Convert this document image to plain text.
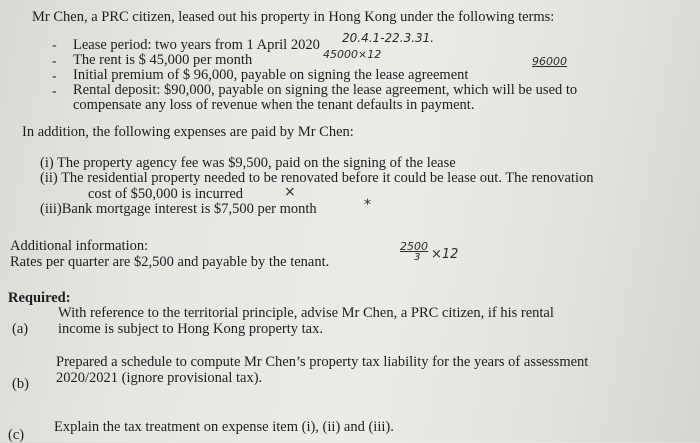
Mr Chen, a PRC citizen, leased out his property in Hong Kong under the following terms:
- Lease period: two years from 1 April 2020 20.4.1-22.3.31.
- The rent is $ 45,000 per month	45000×12
- Initial premium of $ 96,000, payable on signing the lease agreement
96000
- Rental deposit: $90,000, payable on signing the lease agreement, which will be used to
compensate any loss of revenue when the tenant defaults in payment.
In addition, the following expenses are paid by Mr Chen:
(i) The property agency fee was $9,500, paid on the signing of the lease
(ii) The residential property needed to be renovated before it could be lease out. The renovation
cost of $50,000 is incurred	×
(iii)Bank mortgage interest is $7,500 per month	*
Additional information:
Rates per quarter are $2,500 and payable by the tenant.
2500
3 ×12
Required:
(a)
With reference to the territorial principle, advise Mr Chen, a PRC citizen, if his rental
income is subject to Hong Kong property tax.
(b)
Prepared a schedule to compute Mr Chen’s property tax liability for the years of assessment
2020/2021 (ignore provisional tax).
(c) Explain the tax treatment on expense item (i), (ii) and (iii).
